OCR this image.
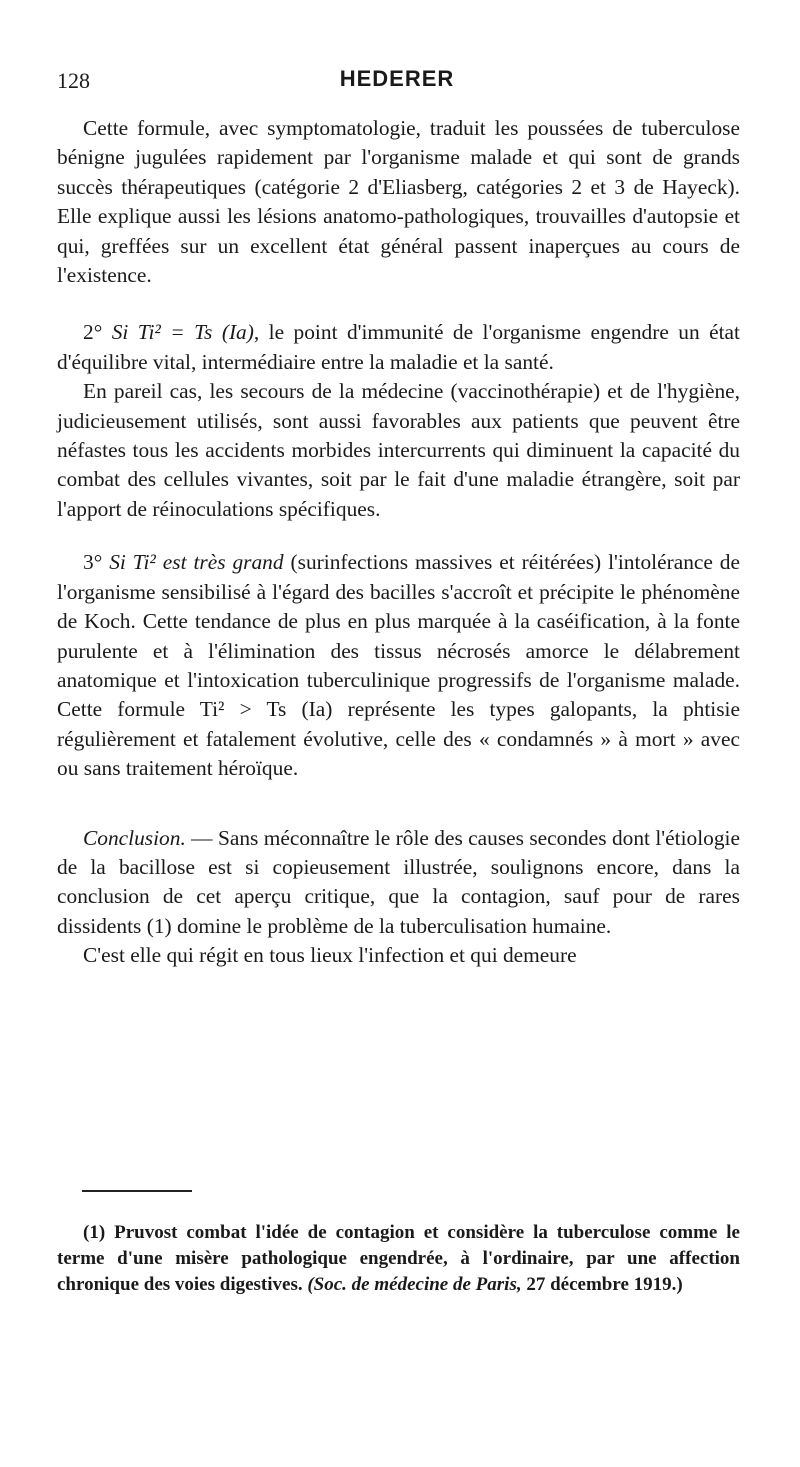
128	HEDERER

Cette formule, avec symptomatologie, traduit les poussées de tuberculose bénigne jugulées rapidement par l'organisme malade et qui sont de grands succès thérapeutiques (catégorie 2 d'Eliasberg, catégories 2 et 3 de Hayeck). Elle explique aussi les lésions anatomo-pathologiques, trouvailles d'autopsie et qui, greffées sur un excellent état général passent inaperçues au cours de l'existence.

2° Si Ti² = Ts (Ia), le point d'immunité de l'organisme engendre un état d'équilibre vital, intermédiaire entre la maladie et la santé.

En pareil cas, les secours de la médecine (vaccinothérapie) et de l'hygiène, judicieusement utilisés, sont aussi favorables aux patients que peuvent être néfastes tous les accidents morbides intercurrents qui diminuent la capacité du combat des cellules vivantes, soit par le fait d'une maladie étrangère, soit par l'apport de réinoculations spécifiques.

3° Si Ti² est très grand (surinfections massives et réitérées) l'intolérance de l'organisme sensibilisé à l'égard des bacilles s'accroît et précipite le phénomène de Koch. Cette tendance de plus en plus marquée à la caséification, à la fonte purulente et à l'élimination des tissus nécrosés amorce le délabrement anatomique et l'intoxication tuberculinique progressifs de l'organisme malade. Cette formule Ti² > Ts (Ia) représente les types galopants, la phtisie régulièrement et fatalement évolutive, celle des « condamnés » à mort » avec ou sans traitement héroïque.

Conclusion. — Sans méconnaître le rôle des causes secondes dont l'étiologie de la bacillose est si copieusement illustrée, soulignons encore, dans la conclusion de cet aperçu critique, que la contagion, sauf pour de rares dissidents (1) domine le problème de la tuberculisation humaine.

C'est elle qui régit en tous lieux l'infection et qui demeure

(1) Pruvost combat l'idée de contagion et considère la tuberculose comme le terme d'une misère pathologique engendrée, à l'ordinaire, par une affection chronique des voies digestives. (Soc. de médecine de Paris, 27 décembre 1919.)
